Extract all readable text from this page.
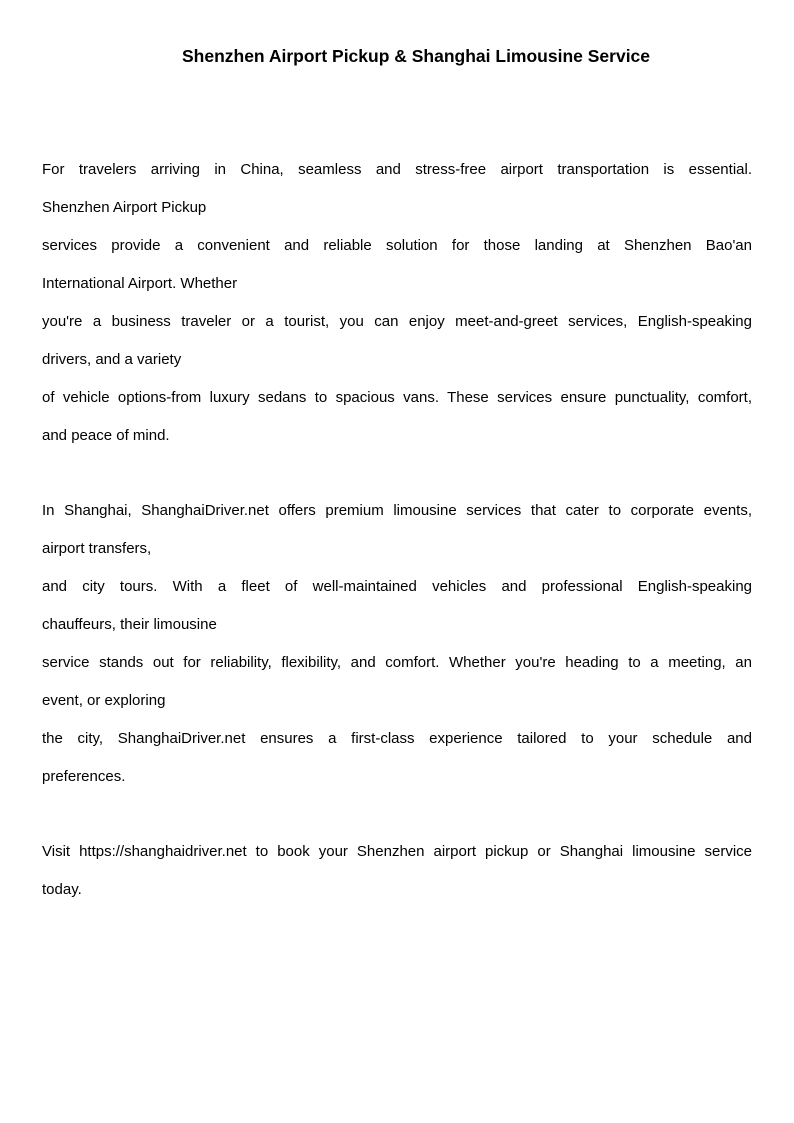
Shenzhen Airport Pickup & Shanghai Limousine Service
For travelers arriving in China, seamless and stress-free airport transportation is essential.
Shenzhen Airport Pickup
services provide a convenient and reliable solution for those landing at Shenzhen Bao'an
International Airport. Whether
you're a business traveler or a tourist, you can enjoy meet-and-greet services, English-speaking
drivers, and a variety
of vehicle options-from luxury sedans to spacious vans. These services ensure punctuality, comfort,
and peace of mind.
In Shanghai, ShanghaiDriver.net offers premium limousine services that cater to corporate events,
airport transfers,
and city tours. With a fleet of well-maintained vehicles and professional English-speaking
chauffeurs, their limousine
service stands out for reliability, flexibility, and comfort. Whether you're heading to a meeting, an
event, or exploring
the city, ShanghaiDriver.net ensures a first-class experience tailored to your schedule and
preferences.
Visit https://shanghaidriver.net to book your Shenzhen airport pickup or Shanghai limousine service
today.
